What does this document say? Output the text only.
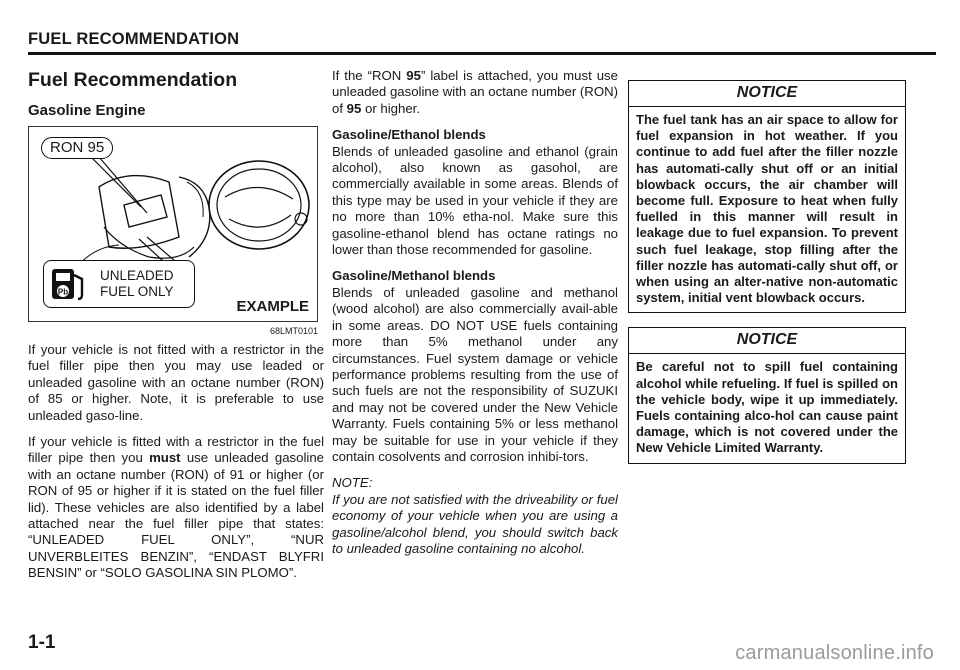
FUEL RECOMMENDATION
Fuel Recommendation
Gasoline Engine
RON 95
Pb
UNLEADED
FUEL ONLY
EXAMPLE
68LMT0101

If your vehicle is not fitted with a restrictor in the fuel filler pipe then you may use leaded or unleaded gasoline with an octane number (RON) of 85 or higher. Note, it is preferable to use unleaded gaso-line.

If your vehicle is fitted with a restrictor in the fuel filler pipe then you must use unleaded gasoline with an octane number (RON) of 91 or higher (or RON of 95 or higher if it is stated on the fuel filler lid). These vehicles are also identified by a label attached near the fuel filler pipe that states: “UNLEADED FUEL ONLY”, “NUR UNVERBLEITES BENZIN”, “ENDAST BLYFRI BENSIN” or “SOLO GASOLINA SIN PLOMO”.

If the “RON 95” label is attached, you must use unleaded gasoline with an octane number (RON) of 95 or higher.

Gasoline/Ethanol blends

Blends of unleaded gasoline and ethanol (grain alcohol), also known as gasohol, are commercially available in some areas. Blends of this type may be used in your vehicle if they are no more than 10% etha-nol. Make sure this gasoline-ethanol blend has octane ratings no lower than those recommended for gasoline.

Gasoline/Methanol blends

Blends of unleaded gasoline and methanol (wood alcohol) are also commercially avail-able in some areas. DO NOT USE fuels containing more than 5% methanol under any circumstances. Fuel system damage or vehicle performance problems resulting from the use of such fuels are not the responsibility of SUZUKI and may not be covered under the New Vehicle Warranty. Fuels containing 5% or less methanol may be suitable for use in your vehicle if they contain cosolvents and corrosion inhibi-tors.

NOTE:

If you are not satisfied with the driveability or fuel economy of your vehicle when you are using a gasoline/alcohol blend, you should switch back to unleaded gasoline containing no alcohol.

NOTICE
The fuel tank has an air space to allow for fuel expansion in hot weather. If you continue to add fuel after the filler nozzle has automati-cally shut off or an initial blowback occurs, the air chamber will become full. Exposure to heat when fully fuelled in this manner will result in leakage due to fuel expansion. To prevent such fuel leakage, stop filling after the filler nozzle has automati-cally shut off, or when using an alter-native non-automatic system, initial vent blowback occurs.
NOTICE
Be careful not to spill fuel containing alcohol while refueling. If fuel is spilled on the vehicle body, wipe it up immediately. Fuels containing alco-hol can cause paint damage, which is not covered under the New Vehicle Limited Warranty.
1-1	carmanualsonline.info
